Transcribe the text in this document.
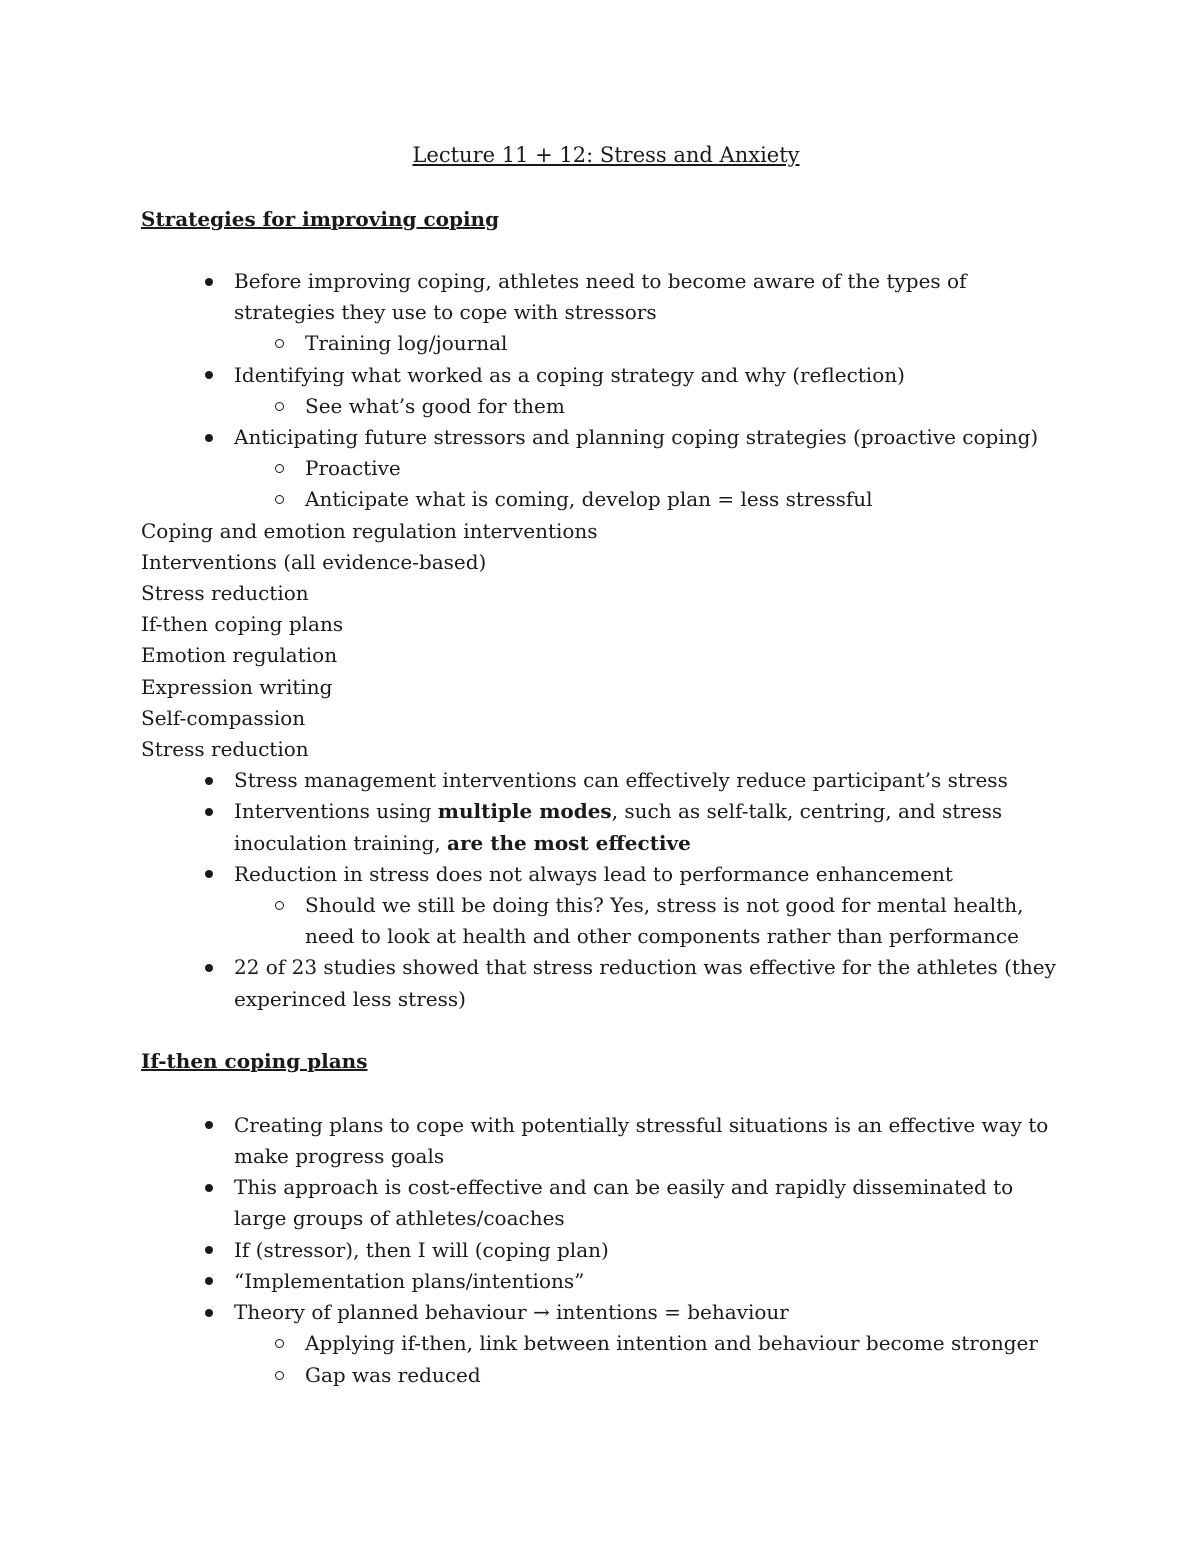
Lecture 11 + 12: Stress and Anxiety
Strategies for improving coping
Before improving coping, athletes need to become aware of the types of strategies they use to cope with stressors
Training log/journal
Identifying what worked as a coping strategy and why (reflection)
See what’s good for them
Anticipating future stressors and planning coping strategies (proactive coping)
Proactive
Anticipate what is coming, develop plan = less stressful

Coping and emotion regulation interventions

Interventions (all evidence-based)

Stress reduction

If-then coping plans

Emotion regulation

Expression writing

Self-compassion

Stress reduction

Stress management interventions can effectively reduce participant’s stress
Interventions using multiple modes, such as self-talk, centring, and stress inoculation training, are the most effective
Reduction in stress does not always lead to performance enhancement
Should we still be doing this? Yes, stress is not good for mental health, need to look at health and other components rather than performance
22 of 23 studies showed that stress reduction was effective for the athletes (they experinced less stress)
If-then coping plans
Creating plans to cope with potentially stressful situations is an effective way to make progress goals
This approach is cost-effective and can be easily and rapidly disseminated to large groups of athletes/coaches
If (stressor), then I will (coping plan)
“Implementation plans/intentions”
Theory of planned behaviour → intentions = behaviour
Applying if-then, link between intention and behaviour become stronger
Gap was reduced
